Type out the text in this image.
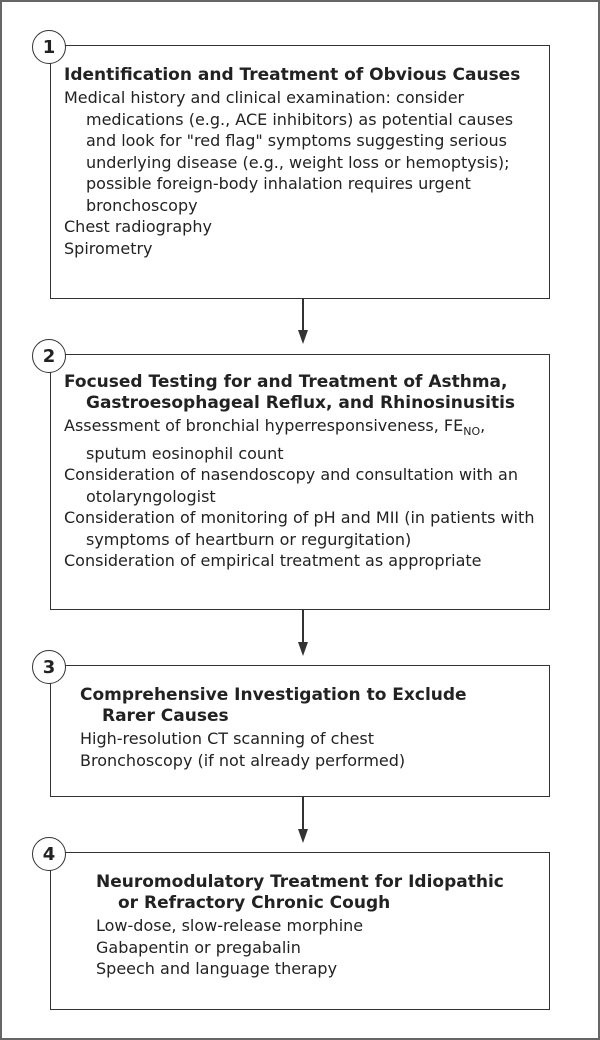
1
Identification and Treatment of Obvious Causes
Medical history and clinical examination: consider medications (e.g., ACE inhibitors) as potential causes and look for "red flag" symptoms suggesting serious underlying disease (e.g., weight loss or hemoptysis); possible foreign-body inhalation requires urgent bronchoscopy
Chest radiography
Spirometry
2
Focused Testing for and Treatment of Asthma, Gastroesophageal Reflux, and Rhinosinusitis
Assessment of bronchial hyperresponsiveness, $FE_{NO}$, sputum eosinophil count
Consideration of nasendoscopy and consultation with an otolaryngologist
Consideration of monitoring of pH and MII (in patients with symptoms of heartburn or regurgitation)
Consideration of empirical treatment as appropriate
3
Comprehensive Investigation to Exclude Rarer Causes
High-resolution CT scanning of chest
Bronchoscopy (if not already performed)
4
Neuromodulatory Treatment for Idiopathic or Refractory Chronic Cough
Low-dose, slow-release morphine
Gabapentin or pregabalin
Speech and language therapy
